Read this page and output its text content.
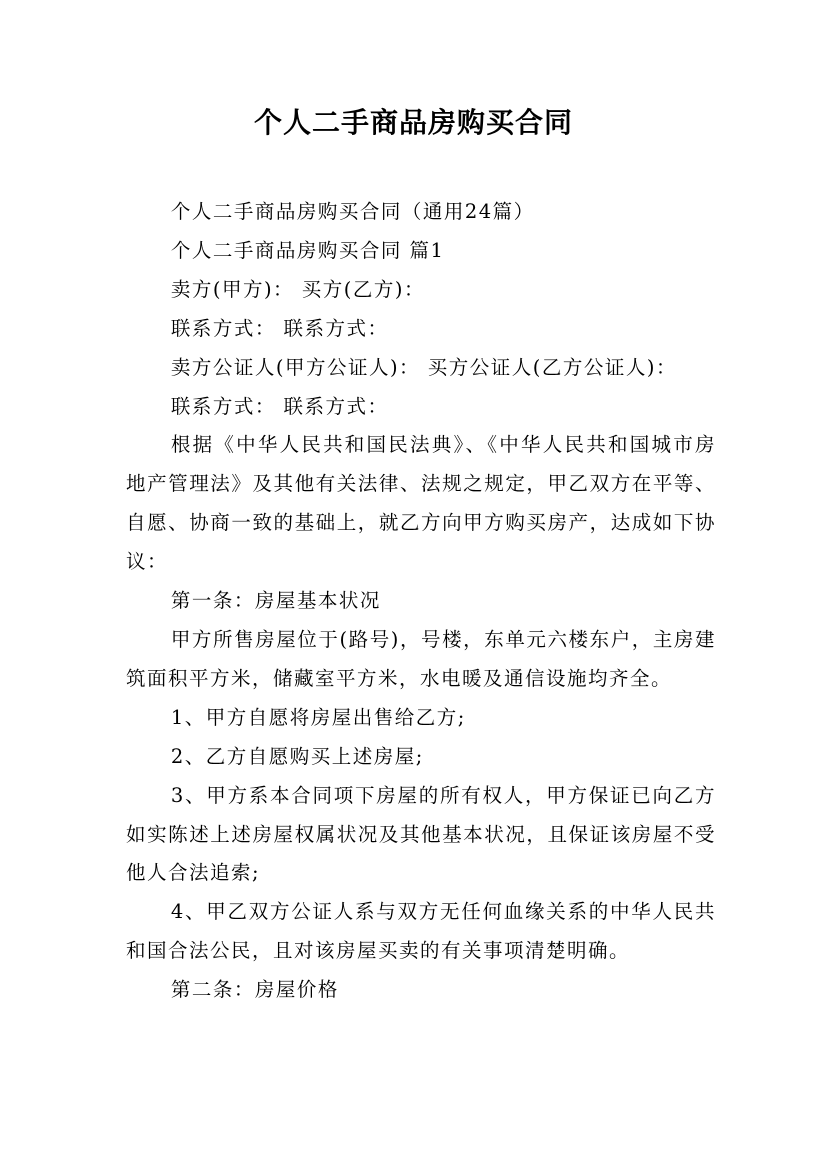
个人二手商品房购买合同

个人二手商品房购买合同（通用24篇）

个人二手商品房购买合同 篇1

卖方(甲方)： 买方(乙方)：

联系方式： 联系方式：

卖方公证人(甲方公证人)： 买方公证人(乙方公证人)：

联系方式： 联系方式：

根据《中华人民共和国民法典》、《中华人民共和国城市房地产管理法》及其他有关法律、法规之规定，甲乙双方在平等、自愿、协商一致的基础上，就乙方向甲方购买房产，达成如下协议：

第一条：房屋基本状况

甲方所售房屋位于(路号)，号楼，东单元六楼东户，主房建筑面积平方米，储藏室平方米，水电暖及通信设施均齐全。

1、甲方自愿将房屋出售给乙方;

2、乙方自愿购买上述房屋;

3、甲方系本合同项下房屋的所有权人，甲方保证已向乙方如实陈述上述房屋权属状况及其他基本状况，且保证该房屋不受他人合法追索;

4、甲乙双方公证人系与双方无任何血缘关系的中华人民共和国合法公民，且对该房屋买卖的有关事项清楚明确。

第二条：房屋价格
